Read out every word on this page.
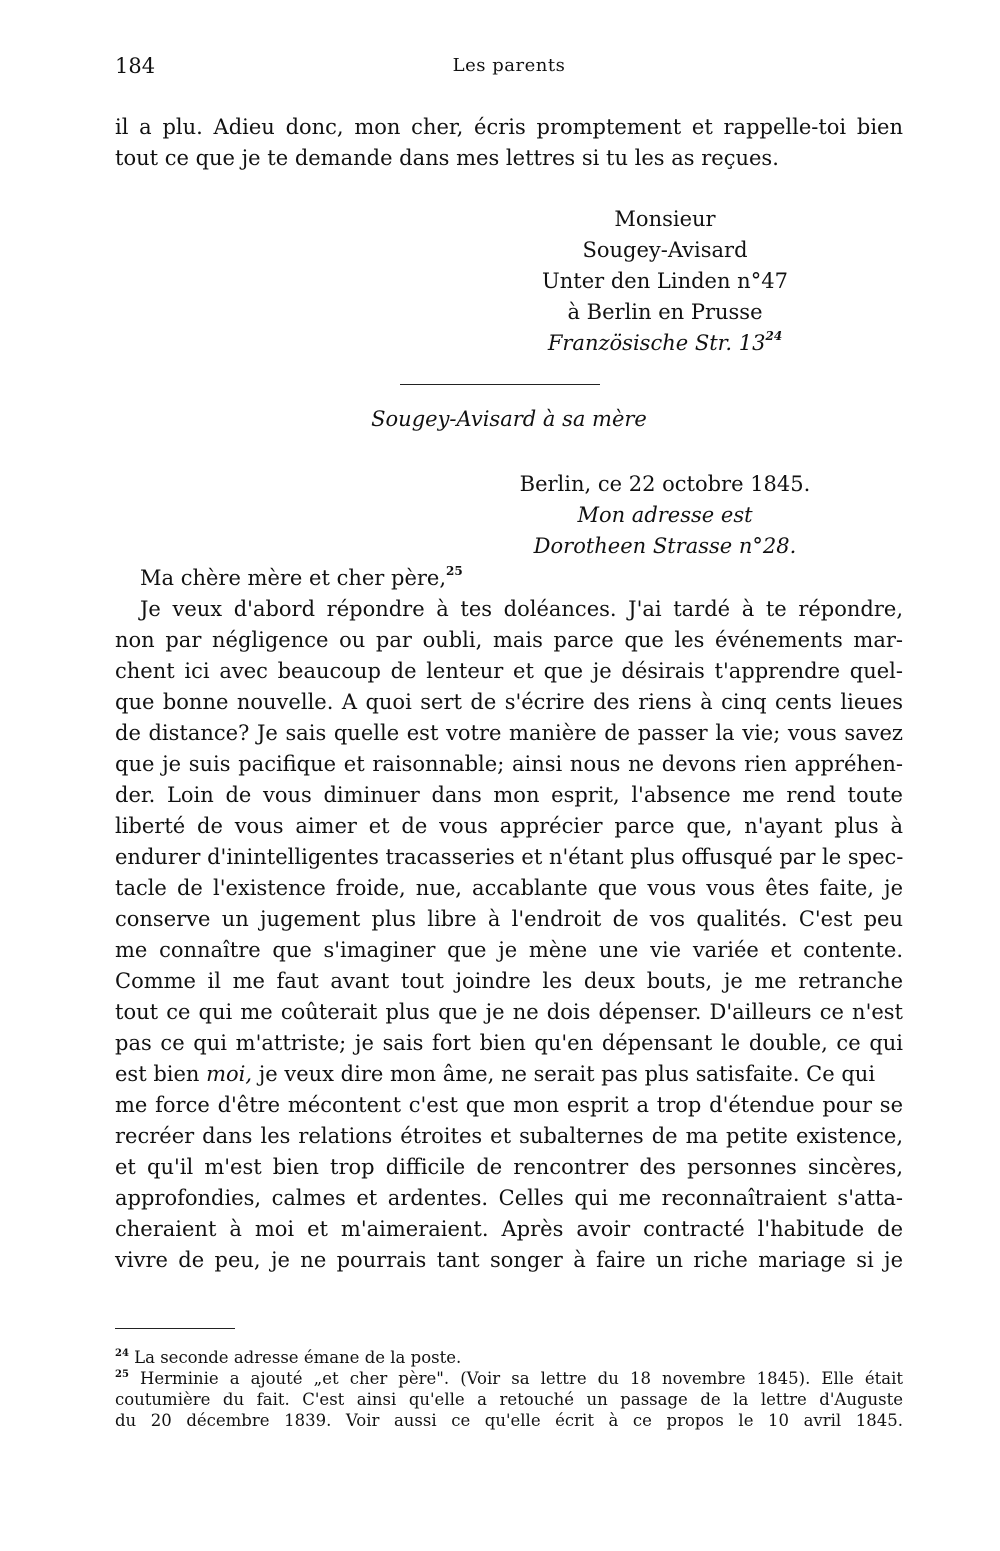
184	Les parents
il a plu. Adieu donc, mon cher, écris promptement et rappelle-toi bien
tout ce que je te demande dans mes lettres si tu les as reçues.
Monsieur
Sougey-Avisard
Unter den Linden n°47
à Berlin en Prusse
Französische Str. $13^{24}$
Sougey-Avisard à sa mère
Berlin, ce 22 octobre 1845.
Mon adresse est
Dorotheen Strasse n°28.
Ma chère mère et cher père,$^{25}$
Je veux d'abord répondre à tes doléances. J'ai tardé à te répondre,
non par négligence ou par oubli, mais parce que les événements mar-
chent ici avec beaucoup de lenteur et que je désirais t'apprendre quel-
que bonne nouvelle. A quoi sert de s'écrire des riens à cinq cents lieues
de distance? Je sais quelle est votre manière de passer la vie; vous savez
que je suis pacifique et raisonnable; ainsi nous ne devons rien appréhen-
der. Loin de vous diminuer dans mon esprit, l'absence me rend toute
liberté de vous aimer et de vous apprécier parce que, n'ayant plus à
endurer d'inintelligentes tracasseries et n'étant plus offusqué par le spec-
tacle de l'existence froide, nue, accablante que vous vous êtes faite, je
conserve un jugement plus libre à l'endroit de vos qualités. C'est peu
me connaître que s'imaginer que je mène une vie variée et contente.
Comme il me faut avant tout joindre les deux bouts, je me retranche
tout ce qui me coûterait plus que je ne dois dépenser. D'ailleurs ce n'est
pas ce qui m'attriste; je sais fort bien qu'en dépensant le double, ce qui
est bien moi, je veux dire mon âme, ne serait pas plus satisfaite. Ce qui
me force d'être mécontent c'est que mon esprit a trop d'étendue pour se
recréer dans les relations étroites et subalternes de ma petite existence,
et qu'il m'est bien trop difficile de rencontrer des personnes sincères,
approfondies, calmes et ardentes. Celles qui me reconnaîtraient s'atta-
cheraient à moi et m'aimeraient. Après avoir contracté l'habitude de
vivre de peu, je ne pourrais tant songer à faire un riche mariage si je
$^{24}$ La seconde adresse émane de la poste.
$^{25}$ Herminie a ajouté „et cher père". (Voir sa lettre du 18 novembre 1845). Elle était
coutumière du fait. C'est ainsi qu'elle a retouché un passage de la lettre d'Auguste
du 20 décembre 1839. Voir aussi ce qu'elle écrit à ce propos le 10 avril 1845.
